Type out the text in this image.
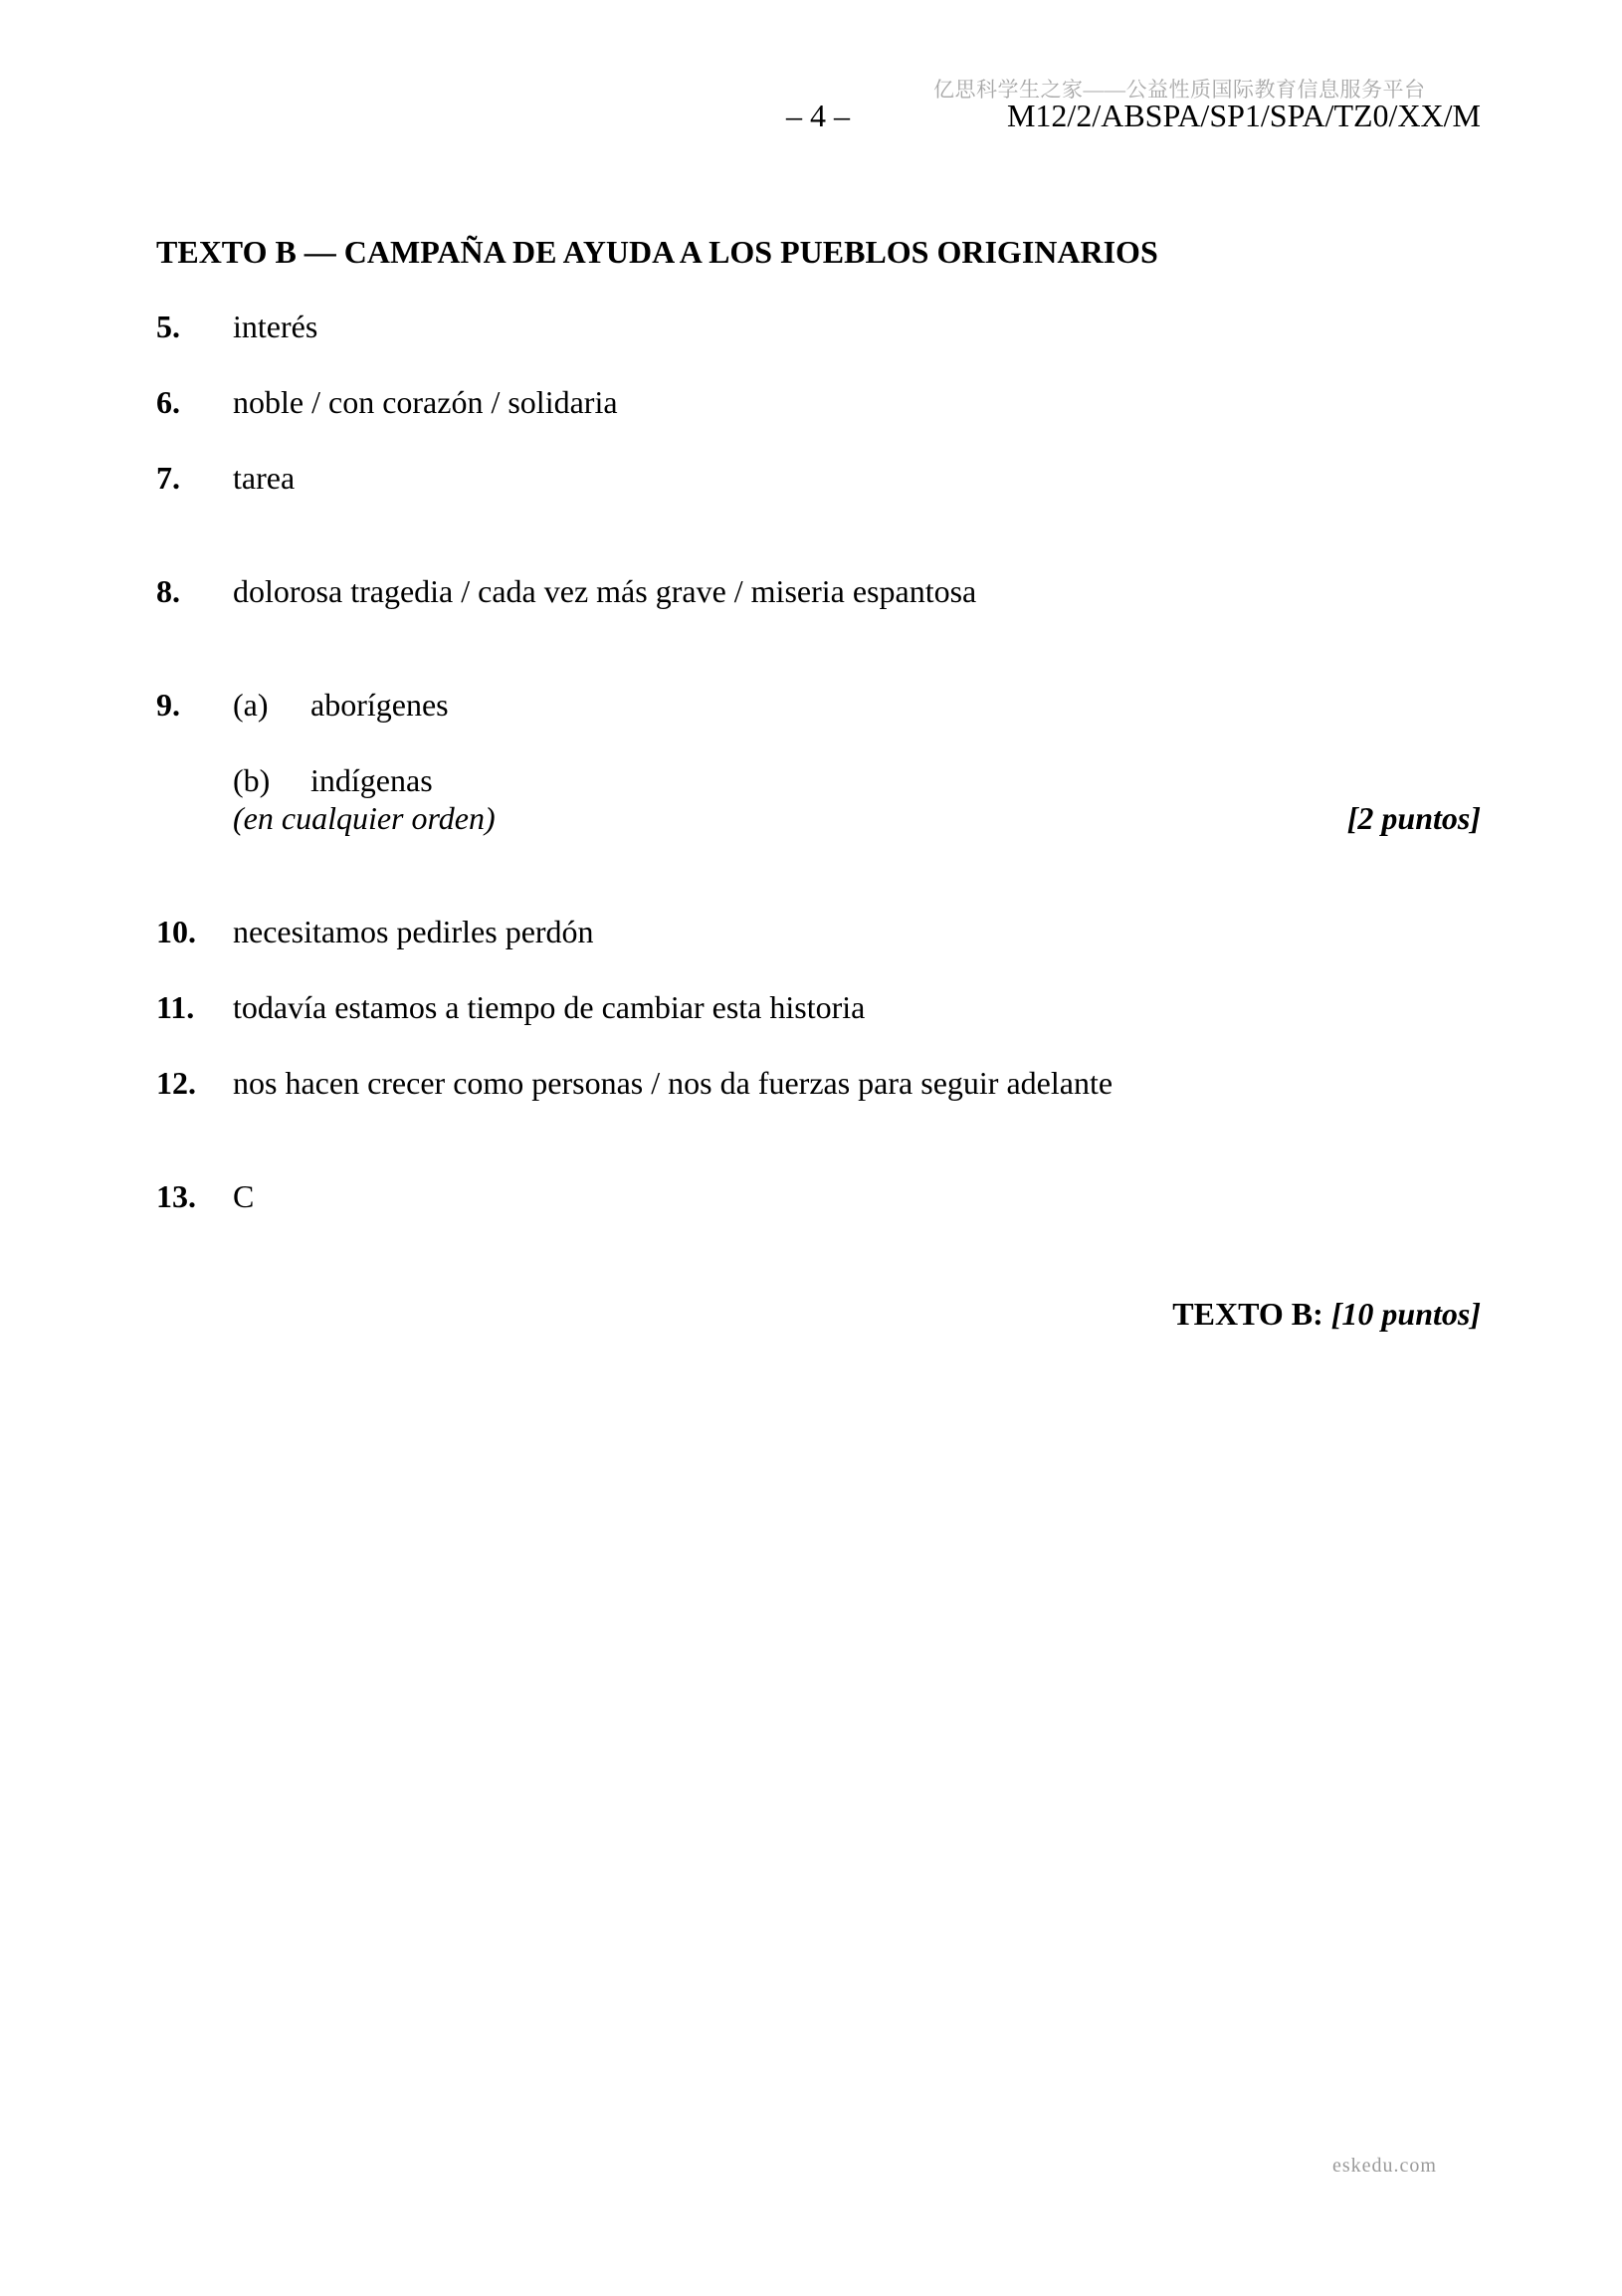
亿思科学生之家——公益性质国际教育信息服务平台
– 4 –	M12/2/ABSPA/SP1/SPA/TZ0/XX/M
TEXTO B — CAMPAÑA DE AYUDA A LOS PUEBLOS ORIGINARIOS
5. interés
6. noble / con corazón / solidaria
7. tarea
8. dolorosa tragedia / cada vez más grave / miseria espantosa
9. (a) aborígenes
(b) indígenas
(en cualquier orden)	[2 puntos]
10. necesitamos pedirles perdón
11. todavía estamos a tiempo de cambiar esta historia
12. nos hacen crecer como personas / nos da fuerzas para seguir adelante
13. C
TEXTO B: [10 puntos]
eskedu.com
